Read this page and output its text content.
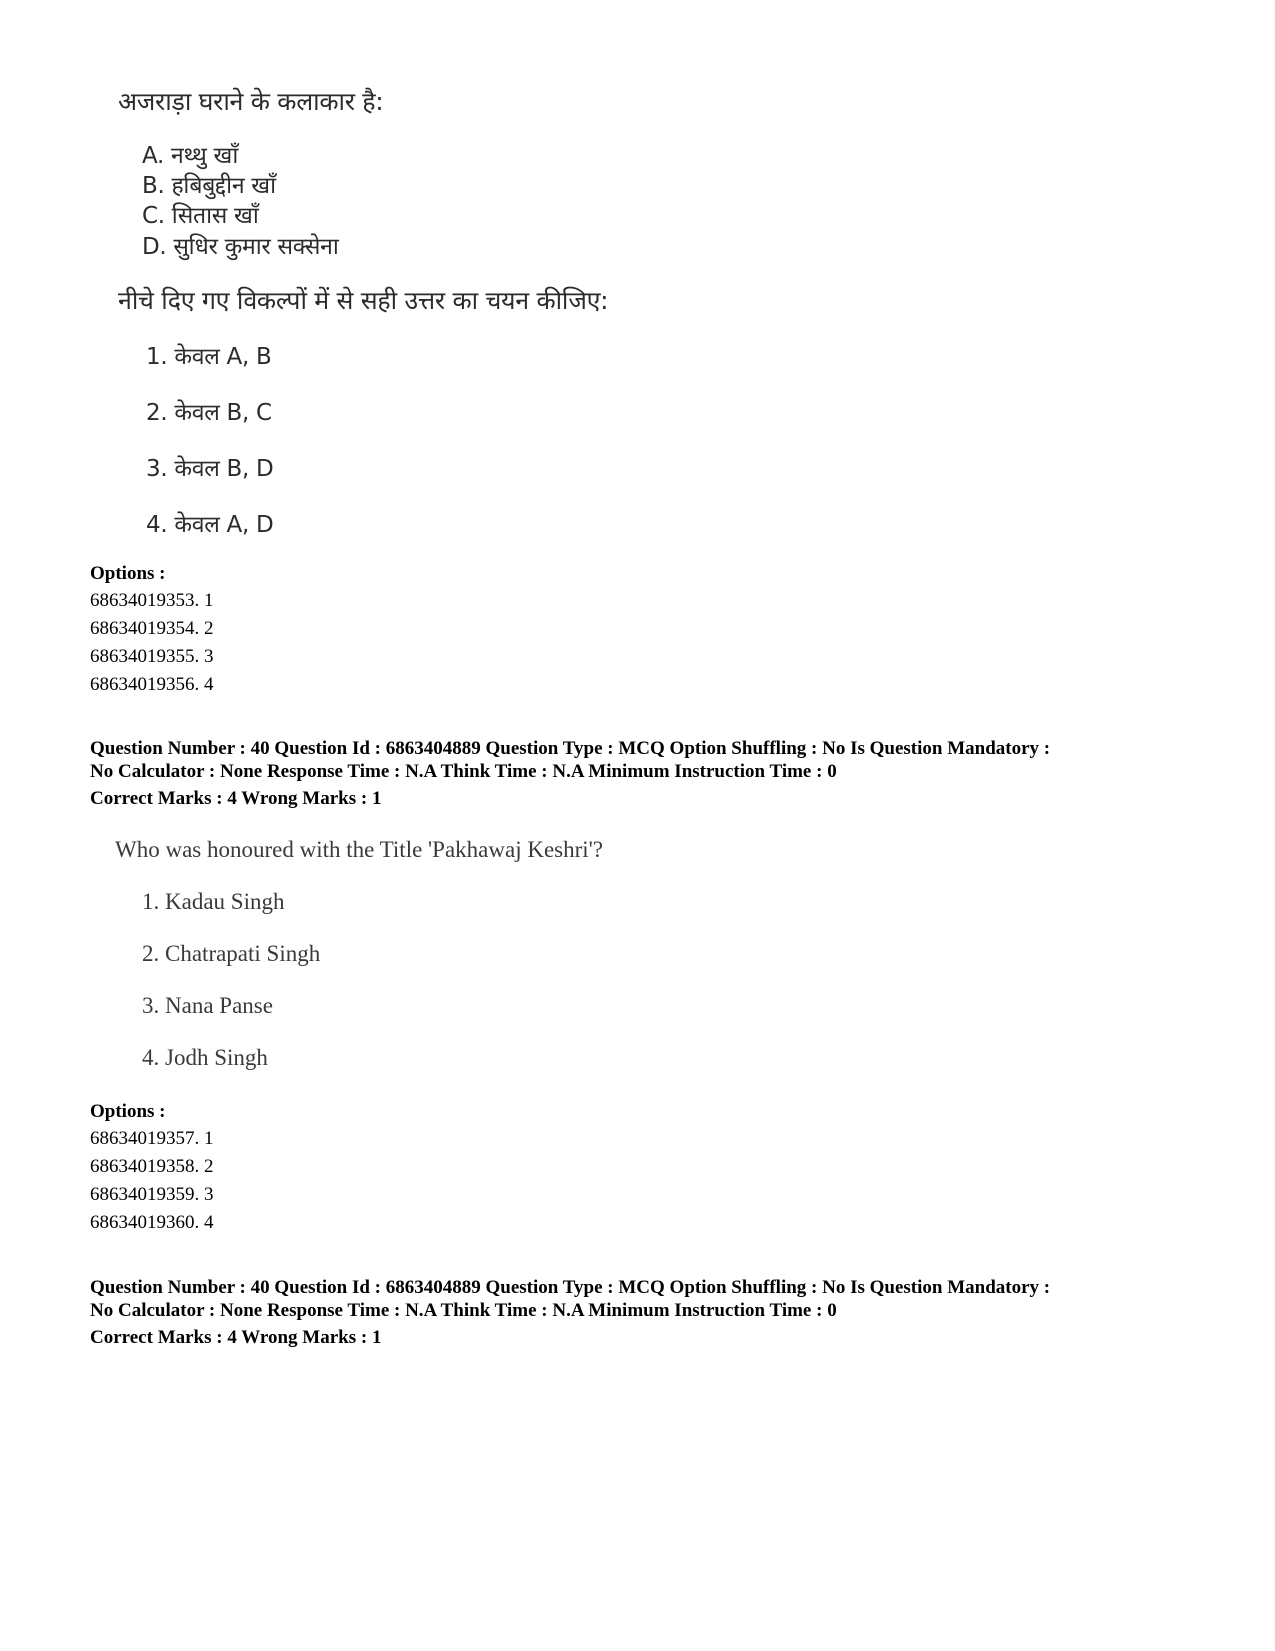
अजराड़ा घराने के कलाकार है:
A. नथ्थु खाँ
B. हबिबुद्दीन खाँ
C. सितास खाँ
D. सुधिर कुमार सक्सेना
नीचे दिए गए विकल्पों में से सही उत्तर का चयन कीजिए:
1. केवल A, B
2. केवल B, C
3. केवल B, D
4. केवल A, D
Options :
68634019353. 1
68634019354. 2
68634019355. 3
68634019356. 4
Question Number : 40 Question Id : 6863404889 Question Type : MCQ Option Shuffling : No Is Question Mandatory :
No Calculator : None Response Time : N.A Think Time : N.A Minimum Instruction Time : 0
Correct Marks : 4 Wrong Marks : 1
Who was honoured with the Title 'Pakhawaj Keshri'?
1. Kadau Singh
2. Chatrapati Singh
3. Nana Panse
4. Jodh Singh
Options :
68634019357. 1
68634019358. 2
68634019359. 3
68634019360. 4
Question Number : 40 Question Id : 6863404889 Question Type : MCQ Option Shuffling : No Is Question Mandatory :
No Calculator : None Response Time : N.A Think Time : N.A Minimum Instruction Time : 0
Correct Marks : 4 Wrong Marks : 1
